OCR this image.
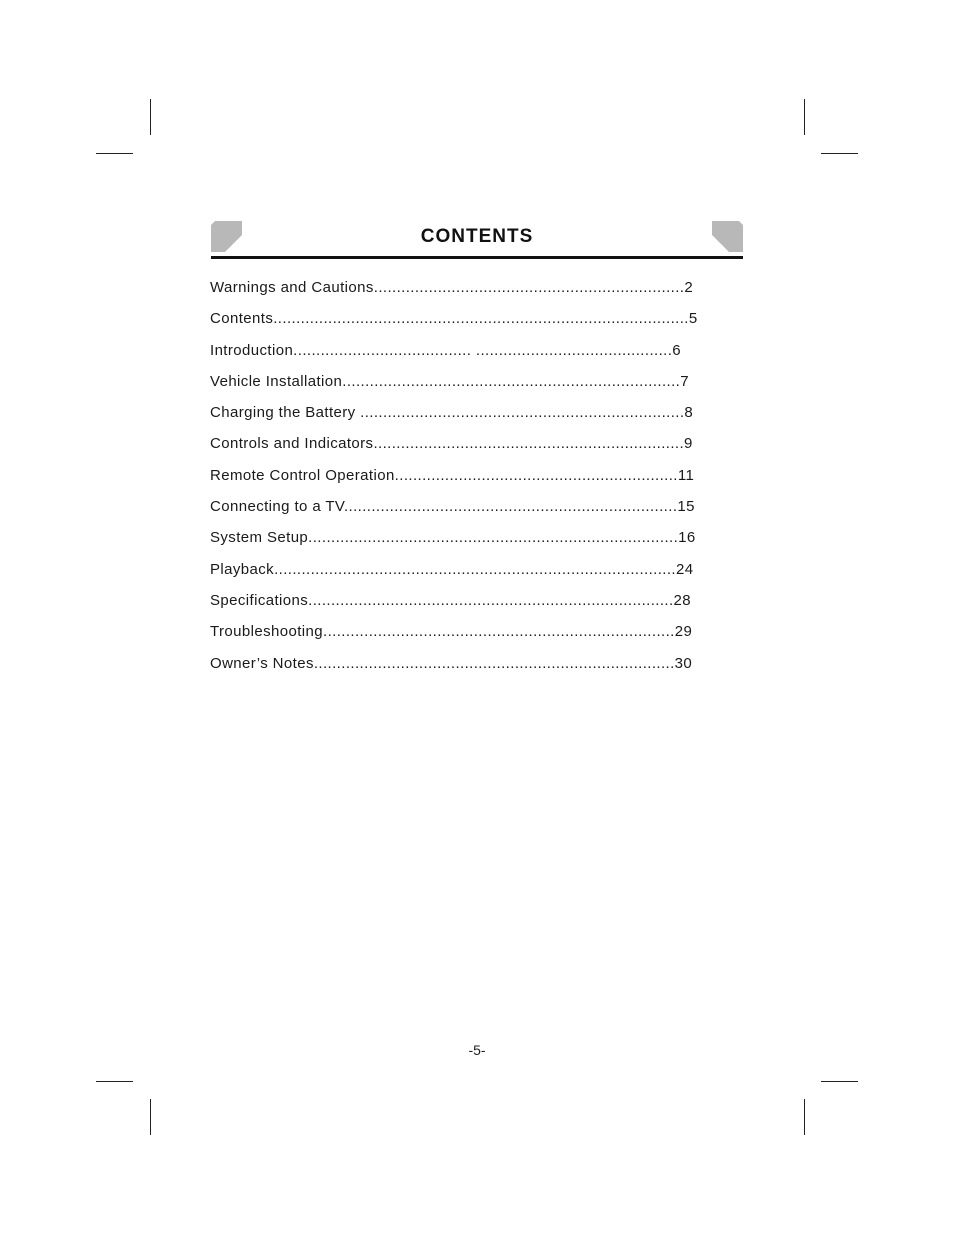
CONTENTS
Warnings and Cautions....................................................................2
Contents...........................................................................................5
Introduction....................................... ...........................................6
Vehicle Installation..........................................................................7
Charging the Battery .......................................................................8
Controls and Indicators....................................................................9
Remote Control Operation..............................................................11
Connecting to a TV.........................................................................15
System Setup.................................................................................16
Playback........................................................................................24
Specifications................................................................................28
Troubleshooting.............................................................................29
Owner’s Notes...............................................................................30
-5-
